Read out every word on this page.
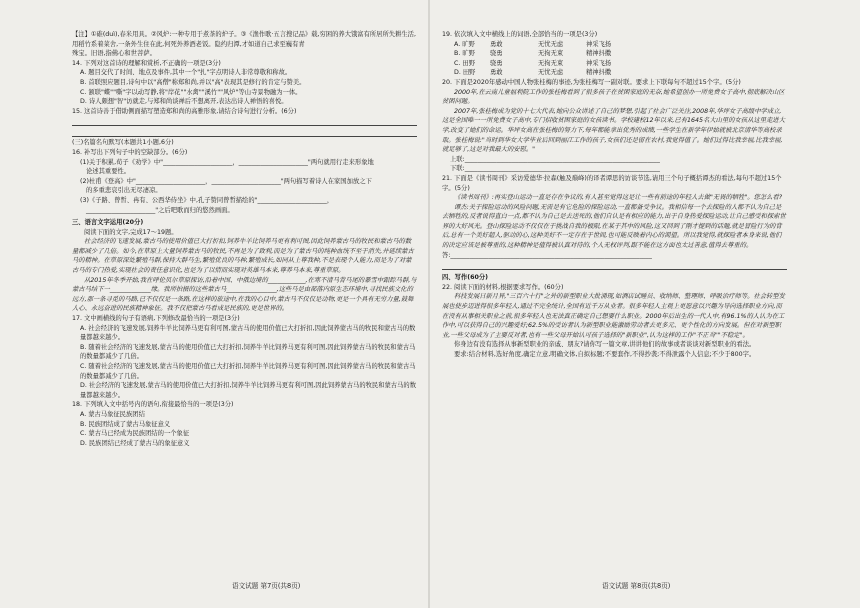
【注】①碓(duì),春米用具。②风炉:一种专用于煮茶的炉子。③《渔作歌·五言搜记品》载,穷困的养大饿富有所居所失耕生活,用稻竹系着菜舍,一条外生住在此,何死外养酒老饭。隐约归潭,才如道自己求至巍有青

殊宝。旧语,指佛心和世菩萨。

14. 下列对这首诗的理解和赏析,不正确的一项是(3分)

A. 题目交代了时间、地点及事件,其中一个"扎"字点明诗人非常尊敬和称故。

B. 首联照应题目,诗句中以"高僧"称郑和尚,并以"高"表现其是修行的肯定与赞美。

C. 颔联"蝶""嘶"字以动写静,将"岸花""水禽""溪竹""风炉"等山寺景物融为一体。

D. 诗人颇想"智"访就走,与郑和尚谈禅后不想离开,表达出诗人禅悟的喜悦。

15. 这首诗善于借助侧面描写塑造郑和尚的高雅形象,请结合诗句进行分析。(6分)

(三)名篇名句默写(本题共1小题,6分)

16. 补写出下列句子中的空缺部分。(6分)

(1)关于积累,荀子《劝学》中"______________________，______________________"两句就用行走来形象地

论述其重要性。

(2)杜甫《登高》中"______________________，______________________"两句描写着诗人在家国加放之下

的多重悲哀引出无尽凄凉。

(3)《子路、曾皙、冉有、公西华侍坐》中,孔子赞同曾晳描绘的"______________________，

______________________"之后吧歌而归的悠然画面。

三、语言文字运用(20分)

阅读下面的文字,完成17～19题。

社会经济的飞速发展,蒙古马的使用价值已大打折扣,饲养牛羊比饲养马更有利可图,因此饲养蒙古马的牧民和蒙古马的数量都减少了几倍。如今,在草原上大量饲养蒙古马的牧民,不再是为了致利,而是为了蒙古马的纯种血统不至于消失,并延续蒙古马的精神。在草原深处繁殖马群,保持大群马生,繁殖优良的马种,繁殖成长,如同从上尊我种,不是表现个人能力,而是为了对蒙古马的专门热爱,实现社会的责任意识化,也是为了以情而实现对英雄马本来,尊养马本来,尊重草原。

从2015年冬季开始,我在呼伦贝尔草原探访,沿着中国、中俄边境的____________,在寒不清马背马尾的暴雪中跟踪马群,与蒙古马结下一_____________缘。我所拍摄的这些蒙古马________________,这些马是由部落内原生态环境中,寻找民族文化的远方,那一条寻觅的马路,已不仅仅是一条路,在这样的旅途中,在我的心目中,蒙古马不仅仅是动物,更是一个具有无穷力量,鼓舞人心、永远奋进的民族精神象征。我不仅把蒙古马看成是民族的,更是世界的。

17. 文中画横线的句子有语病,下列修改最恰当的一项是(3分)

A. 社会经济的飞速发展,饲养牛羊比饲养马更有利可图,蒙古马的使用价值已大打折扣,因此饲养蒙古马的牧民和蒙古马的数量都越来越少。

B. 随着社会经济的飞速发展,蒙古马的使用价值已大打折扣,饲养牛羊比饲养马更有利可图,因此饲养蒙古马的牧民和蒙古马的数量都减少了几倍。

C. 随着社会经济的飞速发展,蒙古马的使用价值已大打折扣,饲养牛羊比饲养马更有利可图,因此饲养蒙古马的牧民和蒙古马的数量都减少了几倍。

D. 社会经济的飞速发展,蒙古马的使用价值已大打折扣,饲养牛羊比饲养马更有利可图,因此饲养蒙古马的牧民和蒙古马的数量都越来越少。

18. 下列填入文中括号内的语句,衔接最恰当的一项是(3分)

A. 蒙古马象征民族团结

B. 民族团结成了蒙古马象征意义

C. 蒙古马已经成为民族团结的一个象征

D. 民族团结已经成了蒙古马的象征意义

19. 依次填入文中横线上的词语,全部恰当的一项是(3分)

A. 旷野	勇敢	无忧无虑	神采飞扬
B. 旷野	骁勇	无拘无束	精神抖擞
C. 田野	骁勇	无拘无束	神采飞扬
D. 田野	勇敢	无忧无虑	精神抖擞

20. 下面是2020年感动中国人物张桂梅的事迹,为张桂梅写一副对联。要求上下联每句不超过15个字。(5分)

2000年,在云南儿童福利院工作的张桂梅看到了很多孩子在贫困家庭的无奈,她希望创办一所免费女子高中,彻底解决山区贫困问题。

2007年,张桂梅成为党的十七大代表,她向公众讲述了自己的梦想,引起了社会广泛关注,2008年,华坪女子高级中学成立,这是全国唯一一所免费女子高中,专门招收贫困家庭的女孩读书。学校建校12年以来,已有1645名大山里的女孩从这里走进大学,改变了她们的命运。华坪女高在张桂梅的努力下,每年都能拿出优秀的成绩,一些学生在新学年伊始就被北京清华等高校录取。张桂梅说:"当时到华女大学毕业后回到丽江工作的孩子,女孩们还是留在农村,我觉得值了。她们过得比我幸福,比我幸福,就足够了,这是对我最大的安慰。"

上联:______________________________________________________________

下联:______________________________________________________________

21. 下面是《读书周刊》采访爱德华·拉森(触及巅峰)的译者谭思的访谈节选,请用三个句子概括谭杰的看法,每句不超过15个字。(5分)

《读书周刊》:再实登山运动一直是存在争议的,有人甚至觉得这是让一些有前途的年轻人去做"无畏的牺牲"。您怎么看?

谭杰:关于探险运动的风险问题,无需是有它危险的探险运动,一直都备受争议。我相信每一个去探险的人都不认为自己是去牺牲的,反者说得直白一点,都不认为自己是去送死的,他们自认是有相应的能力,出于自身热爱探险运动,让自己感受和探索世界的大好风光。登山探险运动不仅仅在于挑战自我的极限,在某于其中的风险,这又回到了刚才提到的话题,就是冒险行为的背后,总有一个美好超人,驱动的心,这种美好不一定存在于世间,也可能反映着内心的渴望。所以我觉得,就探险者本身来说,他们的决定应该是被尊重的,这种精神是值得被认真对待的,个人无权评判,跟不能在这方面也太过善意,值得去尊重的。

答:________________________________________________________________

四、写作(60分)

22. 阅读下面的材料,根据要求写作。(60分)

科技发展日新月异,"三百六十行"之外的新型职业大批涌现,如酒店试睡员、收纳师、整理师、呼吸治疗师等。社会转型发展也使步迈进得很多年轻人,通过不完全统计,全国有近千万从业者。很多年轻人主观上更愿意以兴趣为导向选择职业方向,而在没有从事相关职业之前,很多年轻人也无法真正确定自己想要什么职业。2000年后出生的一代人中,有96.1%的人认为在工作中,可以获得自己的兴趣爱好;62.5%的受访者认为新型职业能激励劳动者去更多元、更个性化的方向发展。但在对新型职业,一些父母成为了主要反对者,也有一些父母开始认可孩子选择的"新职业",认为这样的工作"不正当""不稳定"。

你身边有没有选择从事新型职业的亲戚、朋友?请你写一篇文章,讲讲他们的故事或者谈谈对新型职业的看法。

要求:结合材料,选好角度,确定立意,明确文体,自拟标题;不要套作,不得抄袭;不得泄露个人信息;不少于800字。

语文试题 第7页(共8页)	语文试题 第8页(共8页)
